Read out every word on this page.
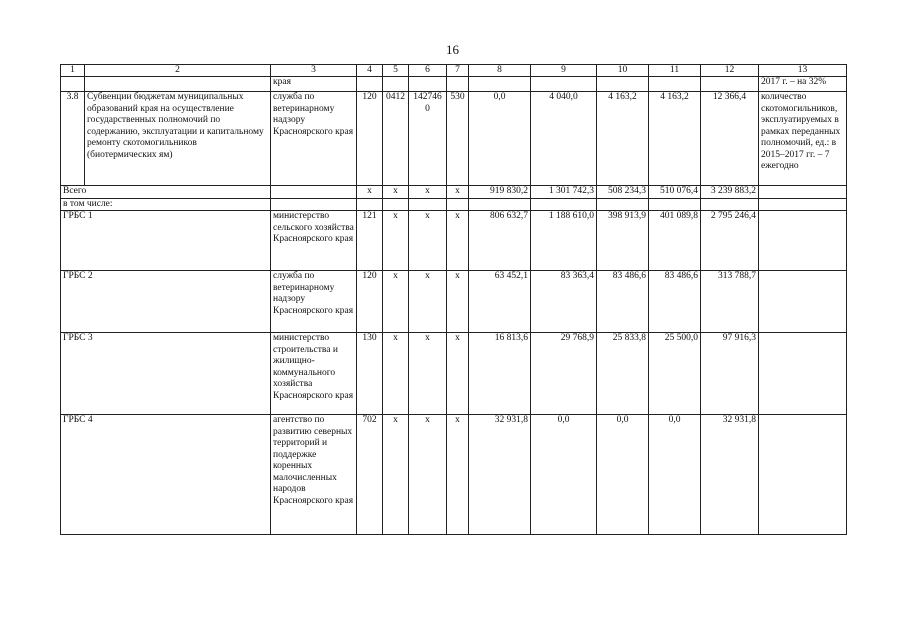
16
1	2	3	4	5	6	7	8	9	10	11	12	13
		края										2017 г. – на 32%
3.8	Субвенции бюджетам муниципальных образований края на осуществление государственных полномочий по содержанию, эксплуатации и капитальному ремонту скотомогильников (биотермических ям)	служба по ветеринарному надзору Красноярского края	120	0412	1427460	530	0,0	4 040,0	4 163,2	4 163,2	12 366,4	количество скотомогильников, эксплуатируемых в рамках переданных полномочий, ед.: в 2015–2017 гг. – 7 ежегодно
Всего			х	х	х	х	919 830,2	1 301 742,3	508 234,3	510 076,4	3 239 883,2	
в том числе:												
ГРБС 1		министерство сельского хозяйства Красноярского края	121	х	х	х	806 632,7	1 188 610,0	398 913,9	401 089,8	2 795 246,4	
ГРБС 2		служба по ветеринарному надзору Красноярского края	120	х	х	х	63 452,1	83 363,4	83 486,6	83 486,6	313 788,7	
ГРБС 3		министерство строительства и жилищно-коммунального хозяйства Красноярского края	130	х	х	х	16 813,6	29 768,9	25 833,8	25 500,0	97 916,3	
ГРБС 4		агентство по развитию северных территорий и поддержке коренных малочисленных народов Красноярского края	702	х	х	х	32 931,8	0,0	0,0	0,0	32 931,8	
